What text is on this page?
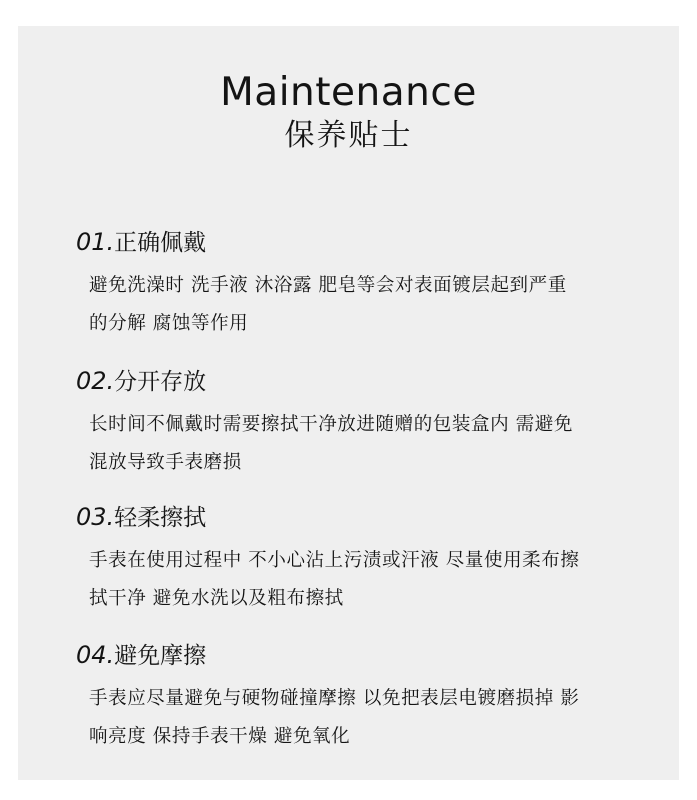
Maintenance
保养贴士
01.正确佩戴
避免洗澡时 洗手液 沐浴露 肥皂等会对表面镀层起到严重
的分解 腐蚀等作用
02.分开存放
长时间不佩戴时需要擦拭干净放进随赠的包装盒内 需避免
混放导致手表磨损
03.轻柔擦拭
手表在使用过程中 不小心沾上污渍或汗液 尽量使用柔布擦
拭干净 避免水洗以及粗布擦拭
04.避免摩擦
手表应尽量避免与硬物碰撞摩擦 以免把表层电镀磨损掉 影
响亮度 保持手表干燥 避免氧化
